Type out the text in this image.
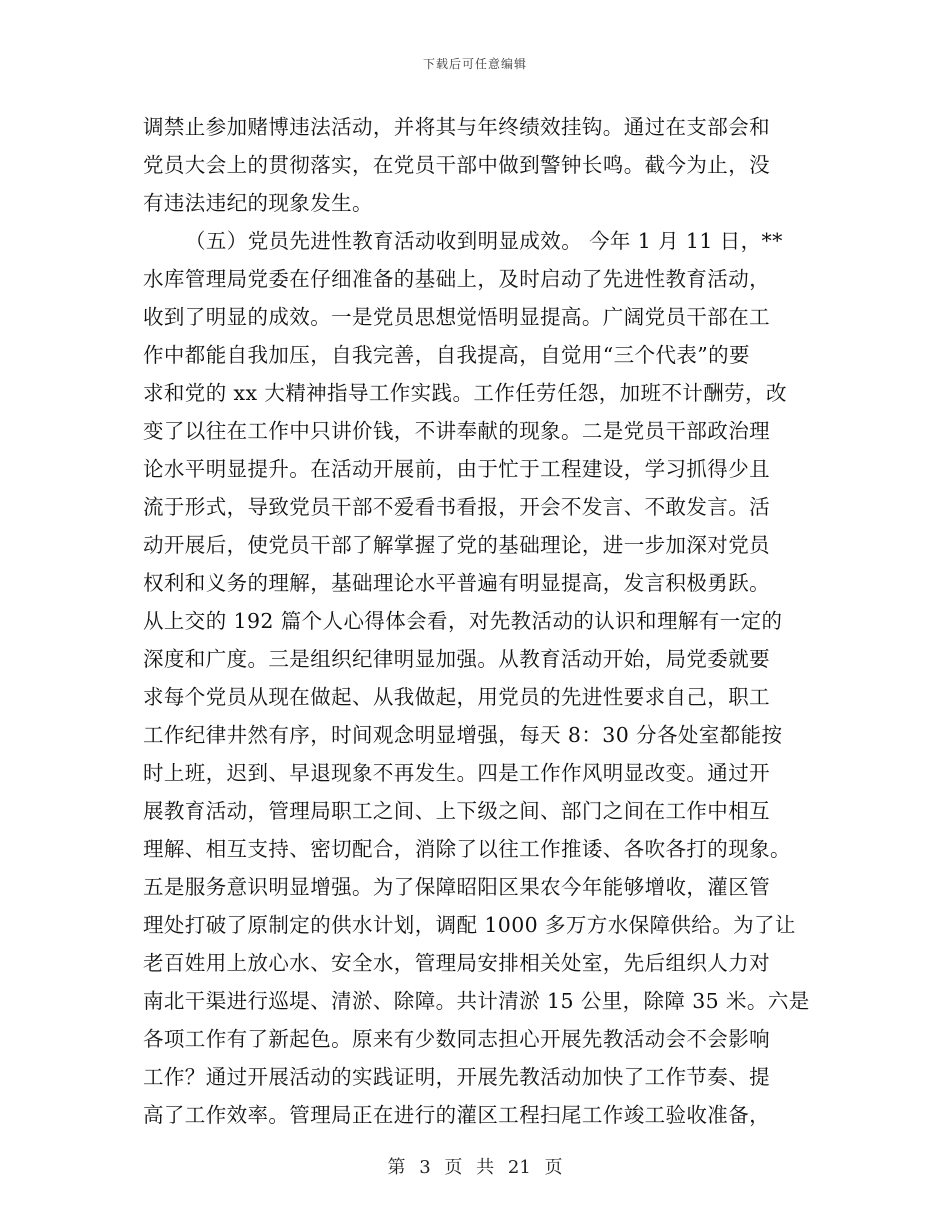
下载后可任意编辑
调禁止参加赌博违法活动，并将其与年终绩效挂钩。通过在支部会和
党员大会上的贯彻落实，在党员干部中做到警钟长鸣。截今为止，没
有违法违纪的现象发生。
（五）党员先进性教育活动收到明显成效。 今年 1 月 11 日，**
水库管理局党委在仔细准备的基础上，及时启动了先进性教育活动，
收到了明显的成效。一是党员思想觉悟明显提高。广阔党员干部在工
作中都能自我加压，自我完善，自我提高，自觉用“三个代表”的要
求和党的 xx 大精神指导工作实践。工作任劳任怨，加班不计酬劳，改
变了以往在工作中只讲价钱，不讲奉献的现象。二是党员干部政治理
论水平明显提升。在活动开展前，由于忙于工程建设，学习抓得少且
流于形式，导致党员干部不爱看书看报，开会不发言、不敢发言。活
动开展后，使党员干部了解掌握了党的基础理论，进一步加深对党员
权利和义务的理解，基础理论水平普遍有明显提高，发言积极勇跃。
从上交的 192 篇个人心得体会看，对先教活动的认识和理解有一定的
深度和广度。三是组织纪律明显加强。从教育活动开始，局党委就要
求每个党员从现在做起、从我做起，用党员的先进性要求自己，职工
工作纪律井然有序，时间观念明显增强，每天 8：30 分各处室都能按
时上班，迟到、早退现象不再发生。四是工作作风明显改变。通过开
展教育活动，管理局职工之间、上下级之间、部门之间在工作中相互
理解、相互支持、密切配合，消除了以往工作推诿、各吹各打的现象。
五是服务意识明显增强。为了保障昭阳区果农今年能够增收，灌区管
理处打破了原制定的供水计划，调配 1000 多万方水保障供给。为了让
老百姓用上放心水、安全水，管理局安排相关处室，先后组织人力对
南北干渠进行巡堤、清淤、除障。共计清淤 15 公里，除障 35 米。六是
各项工作有了新起色。原来有少数同志担心开展先教活动会不会影响
工作？通过开展活动的实践证明，开展先教活动加快了工作节奏、提
高了工作效率。管理局正在进行的灌区工程扫尾工作竣工验收准备，
第 3 页 共 21 页
